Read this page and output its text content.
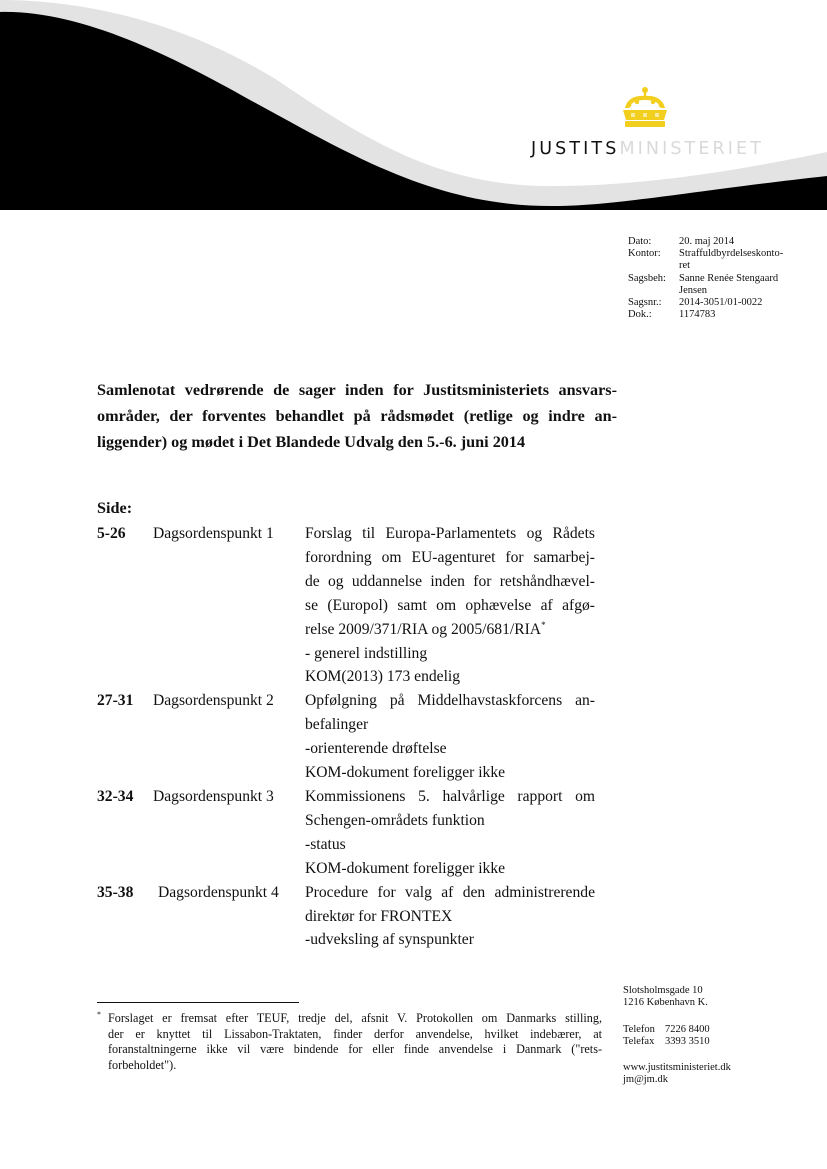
JUSTITSMINISTERIET
Dato:	20. maj 2014
Kontor:	Straffuldbyrdelseskonto-
ret
Sagsbeh:	Sanne Renée Stengaard
Jensen
Sagsnr.:	2014-3051/01-0022
Dok.:	1174783
Samlenotat vedrørende de sager inden for Justitsministeriets ansvars-
områder, der forventes behandlet på rådsmødet (retlige og indre an-
liggender) og mødet i Det Blandede Udvalg den 5.-6. juni 2014
Side:
5-26	Dagsordenspunkt 1	Forslag til Europa-Parlamentets og Rådets
forordning om EU-agenturet for samarbej-
de og uddannelse inden for retshåndhævel-
se (Europol) samt om ophævelse af afgø-
relse 2009/371/RIA og 2005/681/RIA*
- generel indstilling
KOM(2013) 173 endelig
27-31	Dagsordenspunkt 2	Opfølgning på Middelhavstaskforcens an-
befalinger
-orienterende drøftelse
KOM-dokument foreligger ikke
32-34	Dagsordenspunkt 3	Kommissionens 5. halvårlige rapport om
Schengen-områdets funktion
-status
KOM-dokument foreligger ikke
35-38	Dagsordenspunkt 4	Procedure for valg af den administrerende
direktør for FRONTEX
-udveksling af synspunkter
Slotsholmsgade 10
1216 København K.
Telefon 7226 8400
Telefax	3393 3510
www.justitsministeriet.dk
jm@jm.dk
* Forslaget er fremsat efter TEUF, tredje del, afsnit V. Protokollen om Danmarks stilling,
der er knyttet til Lissabon-Traktaten, finder derfor anvendelse, hvilket indebærer, at
foranstaltningerne ikke vil være bindende for eller finde anvendelse i Danmark ("rets-
forbeholdet").
